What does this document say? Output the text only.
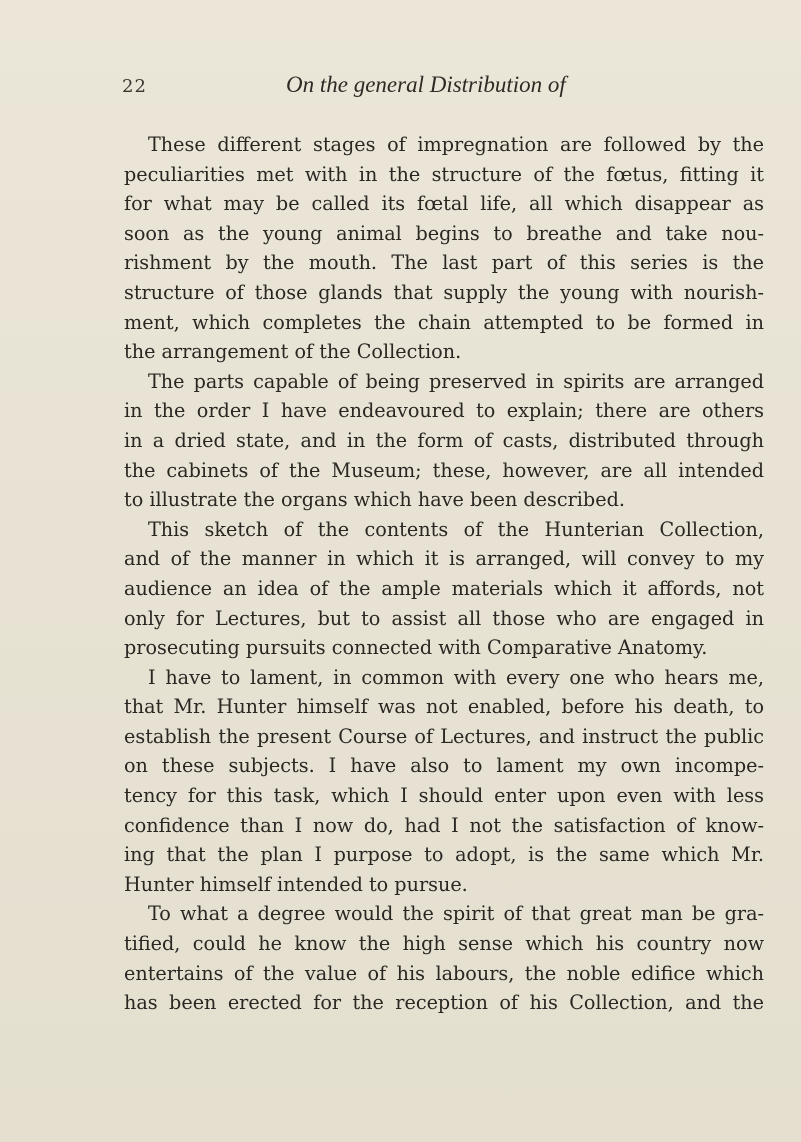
22	On the general Distribution of
These different stages of impregnation are followed by the
peculiarities met with in the structure of the fœtus, fitting it
for what may be called its fœtal life, all which disappear as
soon as the young animal begins to breathe and take nou-
rishment by the mouth. The last part of this series is the
structure of those glands that supply the young with nourish-
ment, which completes the chain attempted to be formed in
the arrangement of the Collection.
The parts capable of being preserved in spirits are arranged
in the order I have endeavoured to explain; there are others
in a dried state, and in the form of casts, distributed through
the cabinets of the Museum; these, however, are all intended
to illustrate the organs which have been described.
This sketch of the contents of the Hunterian Collection,
and of the manner in which it is arranged, will convey to my
audience an idea of the ample materials which it affords, not
only for Lectures, but to assist all those who are engaged in
prosecuting pursuits connected with Comparative Anatomy.
I have to lament, in common with every one who hears me,
that Mr. Hunter himself was not enabled, before his death, to
establish the present Course of Lectures, and instruct the public
on these subjects. I have also to lament my own incompe-
tency for this task, which I should enter upon even with less
confidence than I now do, had I not the satisfaction of know-
ing that the plan I purpose to adopt, is the same which Mr.
Hunter himself intended to pursue.
To what a degree would the spirit of that great man be gra-
tified, could he know the high sense which his country now
entertains of the value of his labours, the noble edifice which
has been erected for the reception of his Collection, and the
